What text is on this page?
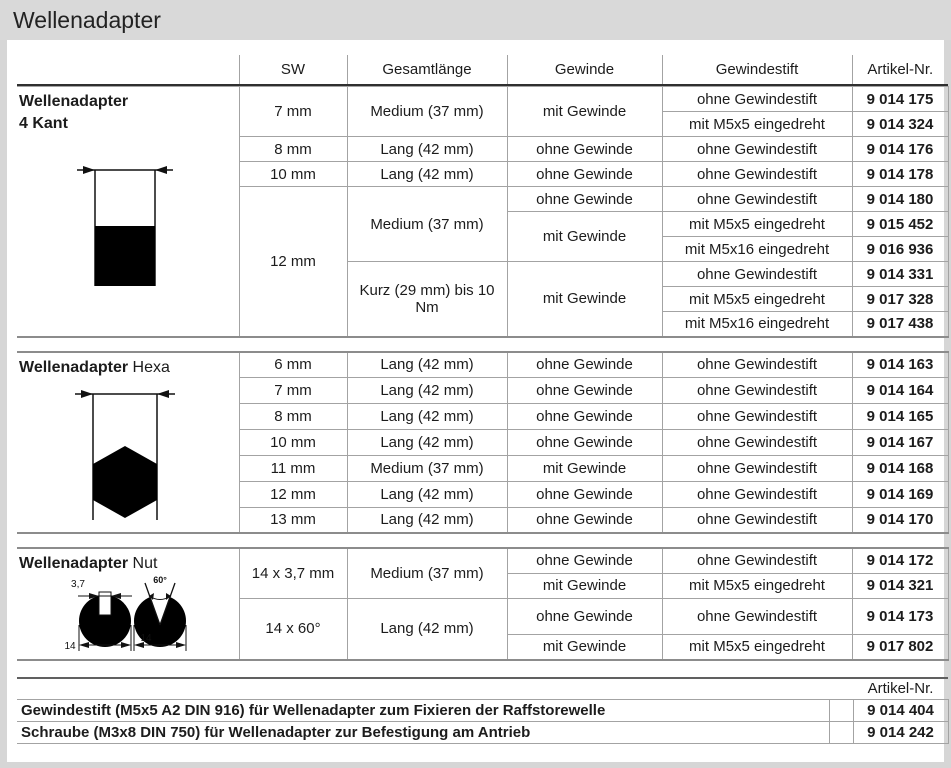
Wellenadapter
	SW	Gesamtlänge	Gewinde	Gewindestift	Artikel-Nr.
Wellenadapter
4 Kant	7 mm	Medium (37 mm)	mit Gewinde	ohne Gewindestift	9 014 175
				mit M5x5 eingedreht	9 014 324
	8 mm	Lang (42 mm)	ohne Gewinde	ohne Gewindestift	9 014 176
	10 mm	Lang (42 mm)	ohne Gewinde	ohne Gewindestift	9 014 178
	12 mm	Medium (37 mm)	ohne Gewinde	ohne Gewindestift	9 014 180
			mit Gewinde	mit M5x5 eingedreht	9 015 452
				mit M5x16 eingedreht	9 016 936
		Kurz (29 mm) bis 10 Nm	mit Gewinde	ohne Gewindestift	9 014 331
				mit M5x5 eingedreht	9 017 328
				mit M5x16 eingedreht	9 017 438
Wellenadapter Hexa	6 mm	Lang (42 mm)	ohne Gewinde	ohne Gewindestift	9 014 163
	7 mm	Lang (42 mm)	ohne Gewinde	ohne Gewindestift	9 014 164
	8 mm	Lang (42 mm)	ohne Gewinde	ohne Gewindestift	9 014 165
	10 mm	Lang (42 mm)	ohne Gewinde	ohne Gewindestift	9 014 167
	11 mm	Medium (37 mm)	mit Gewinde	ohne Gewindestift	9 014 168
	12 mm	Lang (42 mm)	ohne Gewinde	ohne Gewindestift	9 014 169
	13 mm	Lang (42 mm)	ohne Gewinde	ohne Gewindestift	9 014 170
Wellenadapter Nut
3,7 60°
14
14	14 x 3,7 mm	Medium (37 mm)	ohne Gewinde	ohne Gewindestift	9 014 172
			mit Gewinde	mit M5x5 eingedreht	9 014 321
	14 x 60°	Lang (42 mm)	ohne Gewinde	ohne Gewindestift	9 014 173
			mit Gewinde	mit M5x5 eingedreht	9 017 802
		Artikel-Nr.
Gewindestift (M5x5 A2 DIN 916) für Wellenadapter zum Fixieren der Raffstorewelle		9 014 404
Schraube (M3x8 DIN 750) für Wellenadapter zur Befestigung am Antrieb		9 014 242
